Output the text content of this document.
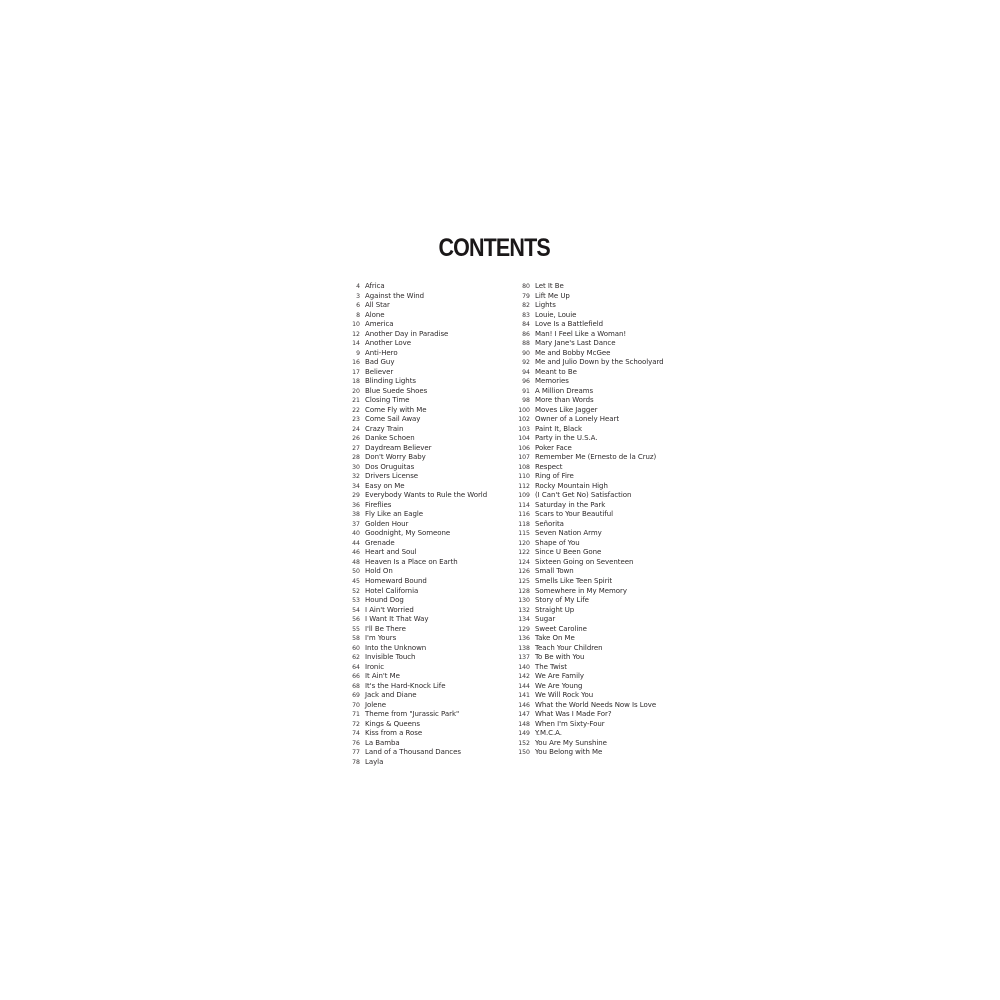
CONTENTS
4 Africa
3 Against the Wind
6 All Star
8 Alone
10 America
12 Another Day in Paradise
14 Another Love
9 Anti-Hero
16 Bad Guy
17 Believer
18 Blinding Lights
20 Blue Suede Shoes
21 Closing Time
22 Come Fly with Me
23 Come Sail Away
24 Crazy Train
26 Danke Schoen
27 Daydream Believer
28 Don't Worry Baby
30 Dos Oruguitas
32 Drivers License
34 Easy on Me
29 Everybody Wants to Rule the World
36 Fireflies
38 Fly Like an Eagle
37 Golden Hour
40 Goodnight, My Someone
44 Grenade
46 Heart and Soul
48 Heaven Is a Place on Earth
50 Hold On
45 Homeward Bound
52 Hotel California
53 Hound Dog
54 I Ain't Worried
56 I Want It That Way
55 I'll Be There
58 I'm Yours
60 Into the Unknown
62 Invisible Touch
64 Ironic
66 It Ain't Me
68 It's the Hard-Knock Life
69 Jack and Diane
70 Jolene
71 Theme from "Jurassic Park"
72 Kings & Queens
74 Kiss from a Rose
76 La Bamba
77 Land of a Thousand Dances
78 Layla
80 Let It Be
79 Lift Me Up
82 Lights
83 Louie, Louie
84 Love Is a Battlefield
86 Man! I Feel Like a Woman!
88 Mary Jane's Last Dance
90 Me and Bobby McGee
92 Me and Julio Down by the Schoolyard
94 Meant to Be
96 Memories
91 A Million Dreams
98 More than Words
100 Moves Like Jagger
102 Owner of a Lonely Heart
103 Paint It, Black
104 Party in the U.S.A.
106 Poker Face
107 Remember Me (Ernesto de la Cruz)
108 Respect
110 Ring of Fire
112 Rocky Mountain High
109 (I Can't Get No) Satisfaction
114 Saturday in the Park
116 Scars to Your Beautiful
118 Señorita
115 Seven Nation Army
120 Shape of You
122 Since U Been Gone
124 Sixteen Going on Seventeen
126 Small Town
125 Smells Like Teen Spirit
128 Somewhere in My Memory
130 Story of My Life
132 Straight Up
134 Sugar
129 Sweet Caroline
136 Take On Me
138 Teach Your Children
137 To Be with You
140 The Twist
142 We Are Family
144 We Are Young
141 We Will Rock You
146 What the World Needs Now Is Love
147 What Was I Made For?
148 When I'm Sixty-Four
149 Y.M.C.A.
152 You Are My Sunshine
150 You Belong with Me
